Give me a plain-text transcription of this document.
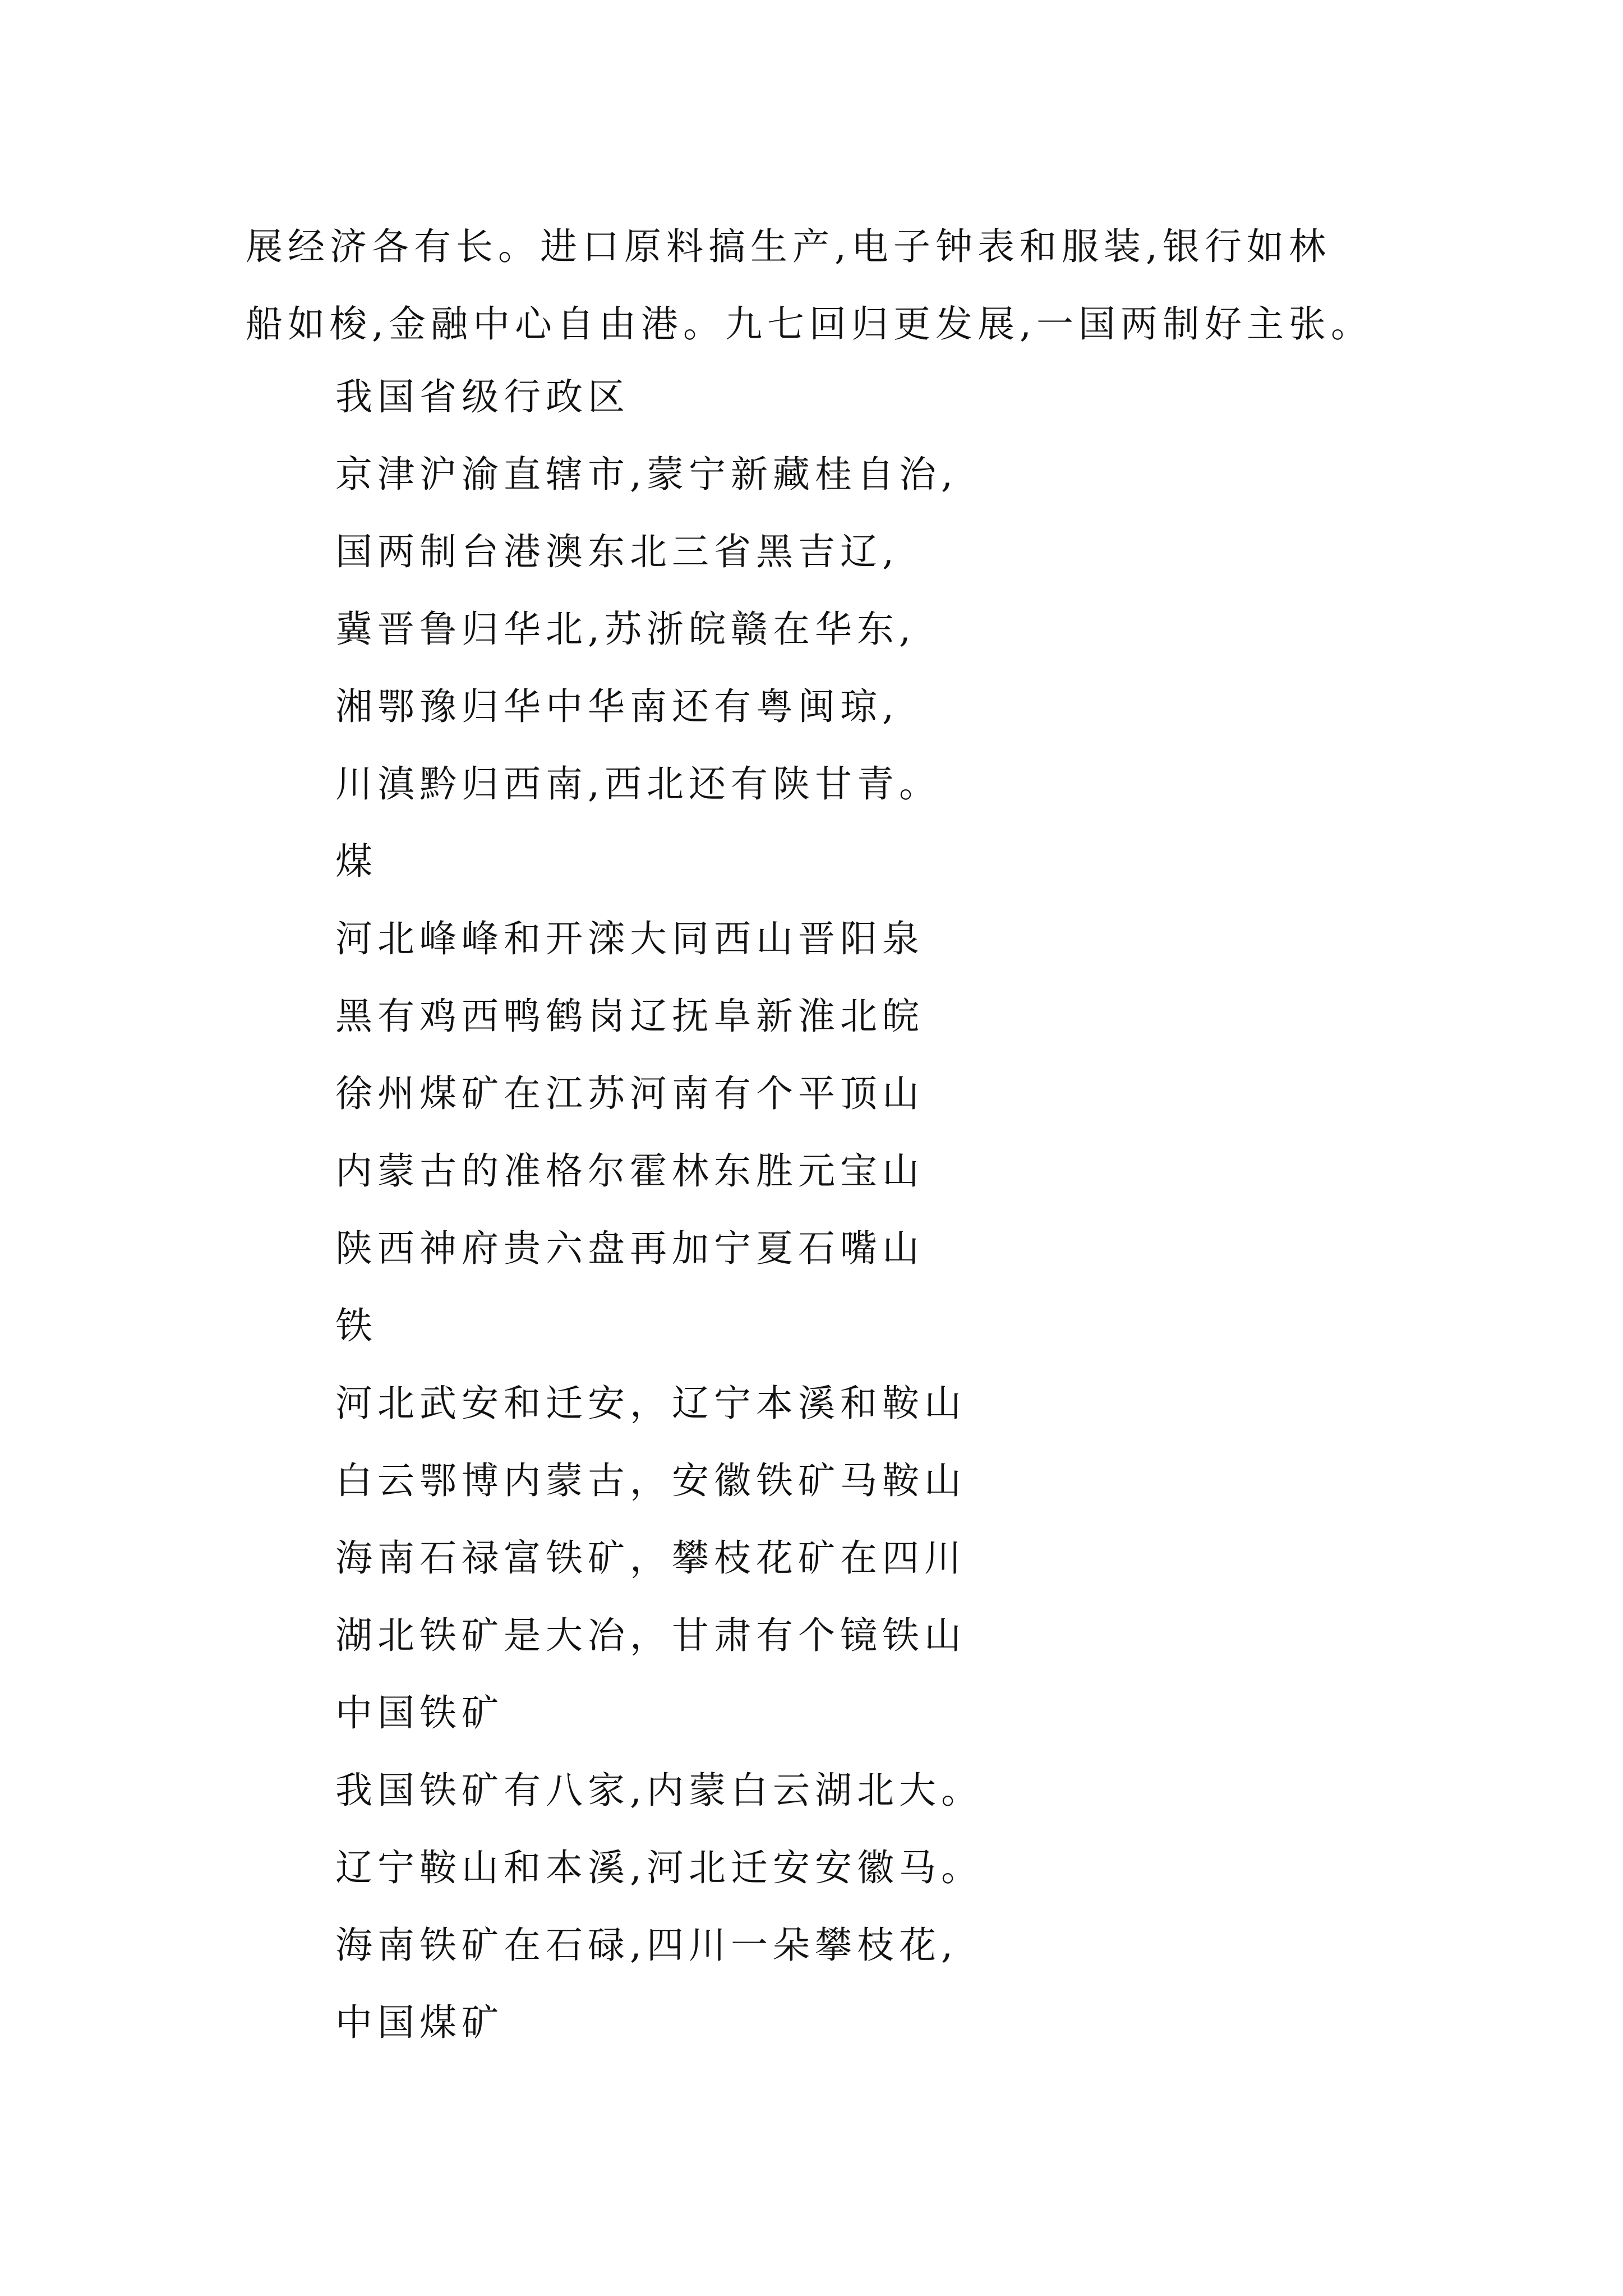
展经济各有长。进口原料搞生产,电子钟表和服装,银行如林
船如梭,金融中心自由港。九七回归更发展,一国两制好主张。
我国省级行政区
京津沪渝直辖市,蒙宁新藏桂自治,
国两制台港澳东北三省黑吉辽,
冀晋鲁归华北,苏浙皖赣在华东,
湘鄂豫归华中华南还有粤闽琼,
川滇黔归西南,西北还有陕甘青。
煤
河北峰峰和开滦大同西山晋阳泉
黑有鸡西鸭鹤岗辽抚阜新淮北皖
徐州煤矿在江苏河南有个平顶山
内蒙古的准格尔霍林东胜元宝山
陕西神府贵六盘再加宁夏石嘴山
铁
河北武安和迁安，辽宁本溪和鞍山
白云鄂博内蒙古，安徽铁矿马鞍山
海南石禄富铁矿，攀枝花矿在四川
湖北铁矿是大冶，甘肃有个镜铁山
中国铁矿
我国铁矿有八家,内蒙白云湖北大。
辽宁鞍山和本溪,河北迁安安徽马。
海南铁矿在石碌,四川一朵攀枝花,
中国煤矿
